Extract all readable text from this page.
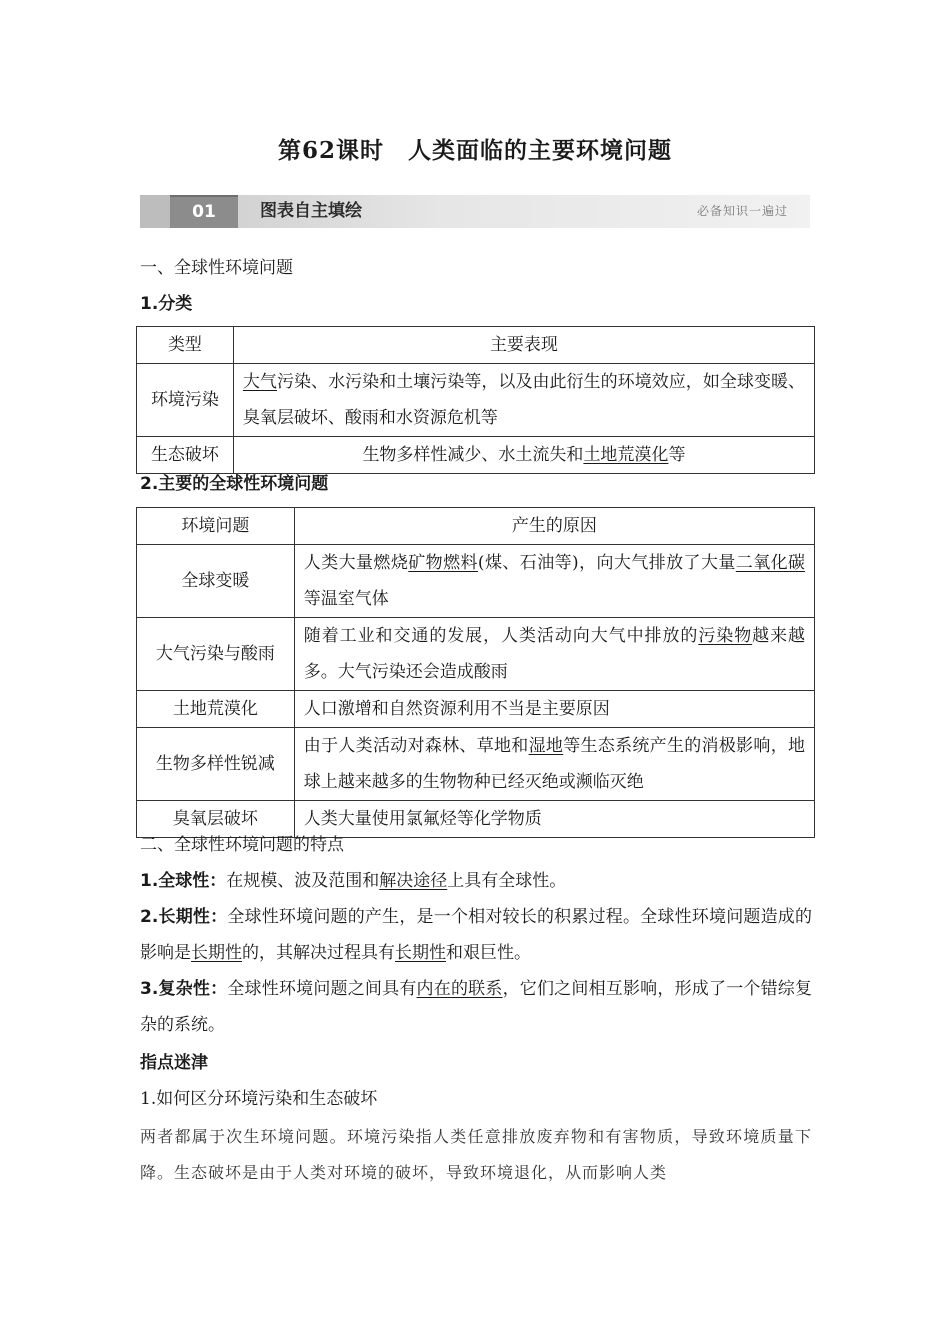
第62课时　人类面临的主要环境问题
01	图表自主填绘	必备知识一遍过
一、全球性环境问题
1.分类
类型	主要表现
环境污染	大气污染、水污染和土壤污染等，以及由此衍生的环境效应，如全球变暖、臭氧层破坏、酸雨和水资源危机等
生态破坏	生物多样性减少、水土流失和土地荒漠化等
2.主要的全球性环境问题
环境问题	产生的原因
全球变暖	人类大量燃烧矿物燃料(煤、石油等)，向大气排放了大量二氧化碳等温室气体
大气污染与酸雨	随着工业和交通的发展，人类活动向大气中排放的污染物越来越多。大气污染还会造成酸雨
土地荒漠化	人口激增和自然资源利用不当是主要原因
生物多样性锐减	由于人类活动对森林、草地和湿地等生态系统产生的消极影响，地球上越来越多的生物物种已经灭绝或濒临灭绝
臭氧层破坏	人类大量使用氯氟烃等化学物质
二、全球性环境问题的特点
1.全球性：在规模、波及范围和解决途径上具有全球性。
2.长期性：全球性环境问题的产生，是一个相对较长的积累过程。全球性环境问题造成的影响是长期性的，其解决过程具有长期性和艰巨性。
3.复杂性：全球性环境问题之间具有内在的联系，它们之间相互影响，形成了一个错综复杂的系统。
指点迷津
1.如何区分环境污染和生态破坏
两者都属于次生环境问题。环境污染指人类任意排放废弃物和有害物质，导致环境质量下降。生态破坏是由于人类对环境的破坏，导致环境退化，从而影响人类
